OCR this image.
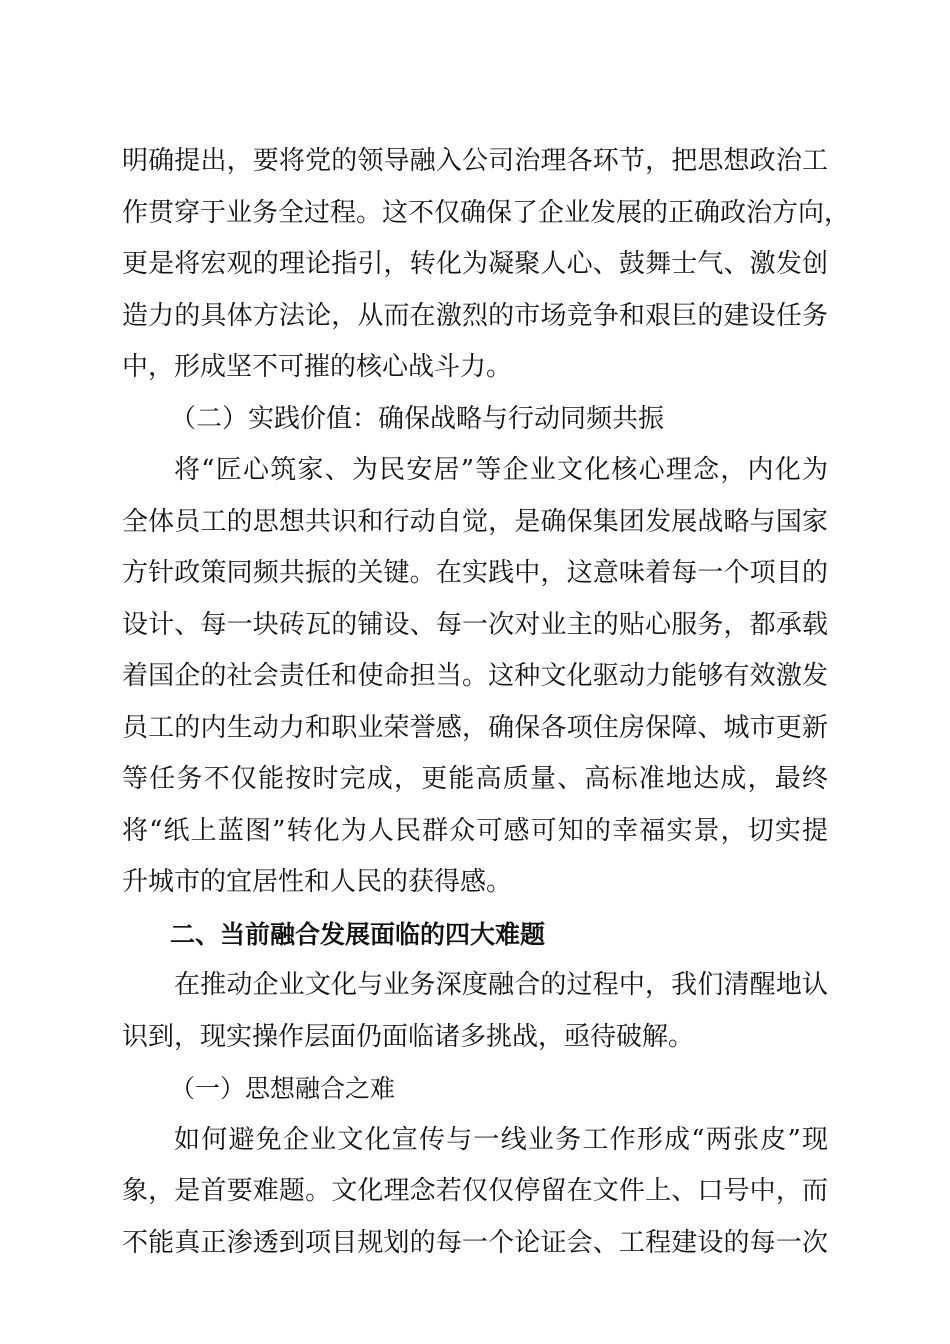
明确提出，要将党的领导融入公司治理各环节，把思想政治工
作贯穿于业务全过程。这不仅确保了企业发展的正确政治方向，
更是将宏观的理论指引，转化为凝聚人心、鼓舞士气、激发创
造力的具体方法论，从而在激烈的市场竞争和艰巨的建设任务
中，形成坚不可摧的核心战斗力。
（二）实践价值：确保战略与行动同频共振
将“匠心筑家、为民安居”等企业文化核心理念，内化为
全体员工的思想共识和行动自觉，是确保集团发展战略与国家
方针政策同频共振的关键。在实践中，这意味着每一个项目的
设计、每一块砖瓦的铺设、每一次对业主的贴心服务，都承载
着国企的社会责任和使命担当。这种文化驱动力能够有效激发
员工的内生动力和职业荣誉感，确保各项住房保障、城市更新
等任务不仅能按时完成，更能高质量、高标准地达成，最终
将“纸上蓝图”转化为人民群众可感可知的幸福实景，切实提
升城市的宜居性和人民的获得感。
二、当前融合发展面临的四大难题
在推动企业文化与业务深度融合的过程中，我们清醒地认
识到，现实操作层面仍面临诸多挑战，亟待破解。
（一）思想融合之难
如何避免企业文化宣传与一线业务工作形成“两张皮”现
象，是首要难题。文化理念若仅仅停留在文件上、口号中，而
不能真正渗透到项目规划的每一个论证会、工程建设的每一次
